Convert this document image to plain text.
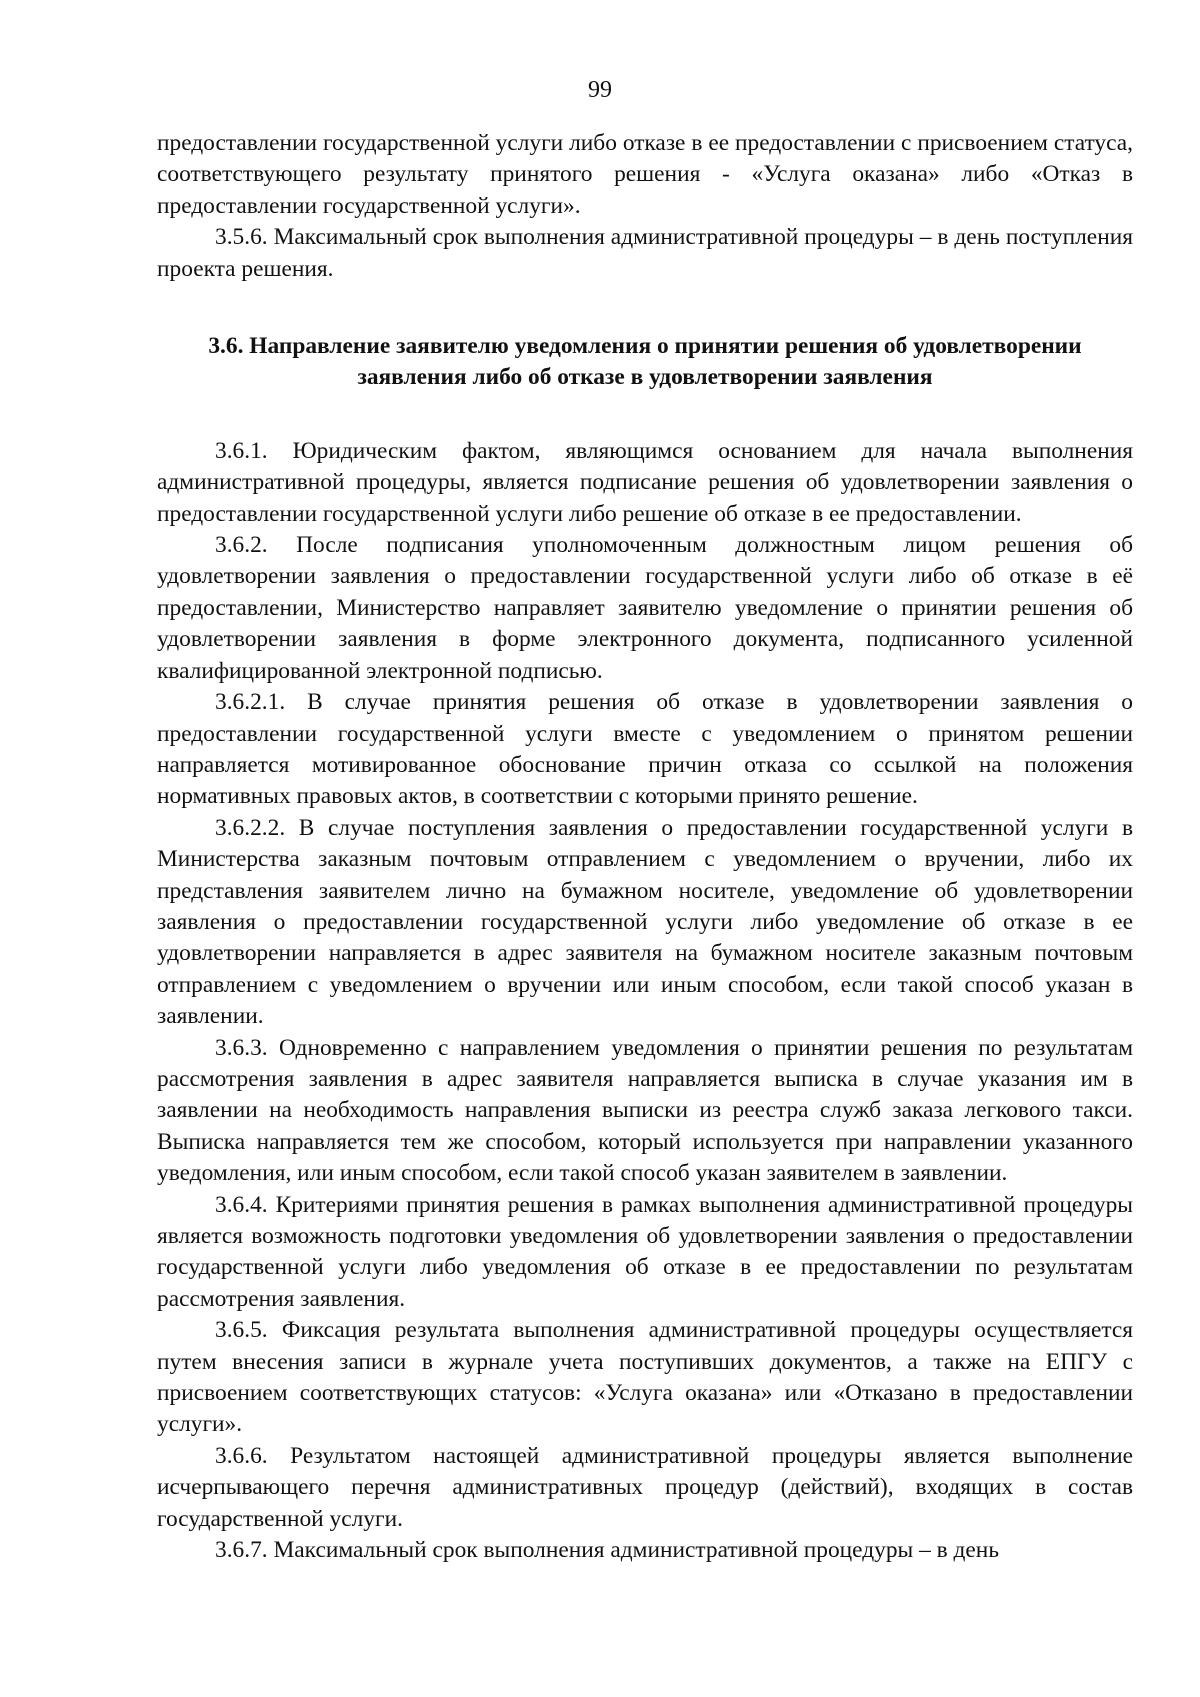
99

предоставлении государственной услуги либо отказе в ее предоставлении с присвоением статуса, соответствующего результату принятого решения - «Услуга оказана» либо «Отказ в предоставлении государственной услуги».

3.5.6. Максимальный срок выполнения административной процедуры – в день поступления проекта решения.

3.6. Направление заявителю уведомления о принятии решения об удовлетворении
заявления либо об отказе в удовлетворении заявления

3.6.1. Юридическим фактом, являющимся основанием для начала выполнения административной процедуры, является подписание решения об удовлетворении заявления о предоставлении государственной услуги либо решение об отказе в ее предоставлении.

3.6.2. После подписания уполномоченным должностным лицом решения об удовлетворении заявления о предоставлении государственной услуги либо об отказе в её предоставлении, Министерство направляет заявителю уведомление о принятии решения об удовлетворении заявления в форме электронного документа, подписанного усиленной квалифицированной электронной подписью.

3.6.2.1. В случае принятия решения об отказе в удовлетворении заявления о предоставлении государственной услуги вместе с уведомлением о принятом решении направляется мотивированное обоснование причин отказа со ссылкой на положения нормативных правовых актов, в соответствии с которыми принято решение.

3.6.2.2. В случае поступления заявления о предоставлении государственной услуги в Министерства заказным почтовым отправлением с уведомлением о вручении, либо их представления заявителем лично на бумажном носителе, уведомление об удовлетворении заявления о предоставлении государственной услуги либо уведомление об отказе в ее удовлетворении направляется в адрес заявителя на бумажном носителе заказным почтовым отправлением с уведомлением о вручении или иным способом, если такой способ указан в заявлении.

3.6.3. Одновременно с направлением уведомления о принятии решения по результатам рассмотрения заявления в адрес заявителя направляется выписка в случае указания им в заявлении на необходимость направления выписки из реестра служб заказа легкового такси. Выписка направляется тем же способом, который используется при направлении указанного уведомления, или иным способом, если такой способ указан заявителем в заявлении.

3.6.4. Критериями принятия решения в рамках выполнения административной процедуры является возможность подготовки уведомления об удовлетворении заявления о предоставлении государственной услуги либо уведомления об отказе в ее предоставлении по результатам рассмотрения заявления.

3.6.5. Фиксация результата выполнения административной процедуры осуществляется путем внесения записи в журнале учета поступивших документов, а также на ЕПГУ с присвоением соответствующих статусов: «Услуга оказана» или «Отказано в предоставлении услуги».

3.6.6. Результатом настоящей административной процедуры является выполнение исчерпывающего перечня административных процедур (действий), входящих в состав государственной услуги.

3.6.7. Максимальный срок выполнения административной процедуры – в день
